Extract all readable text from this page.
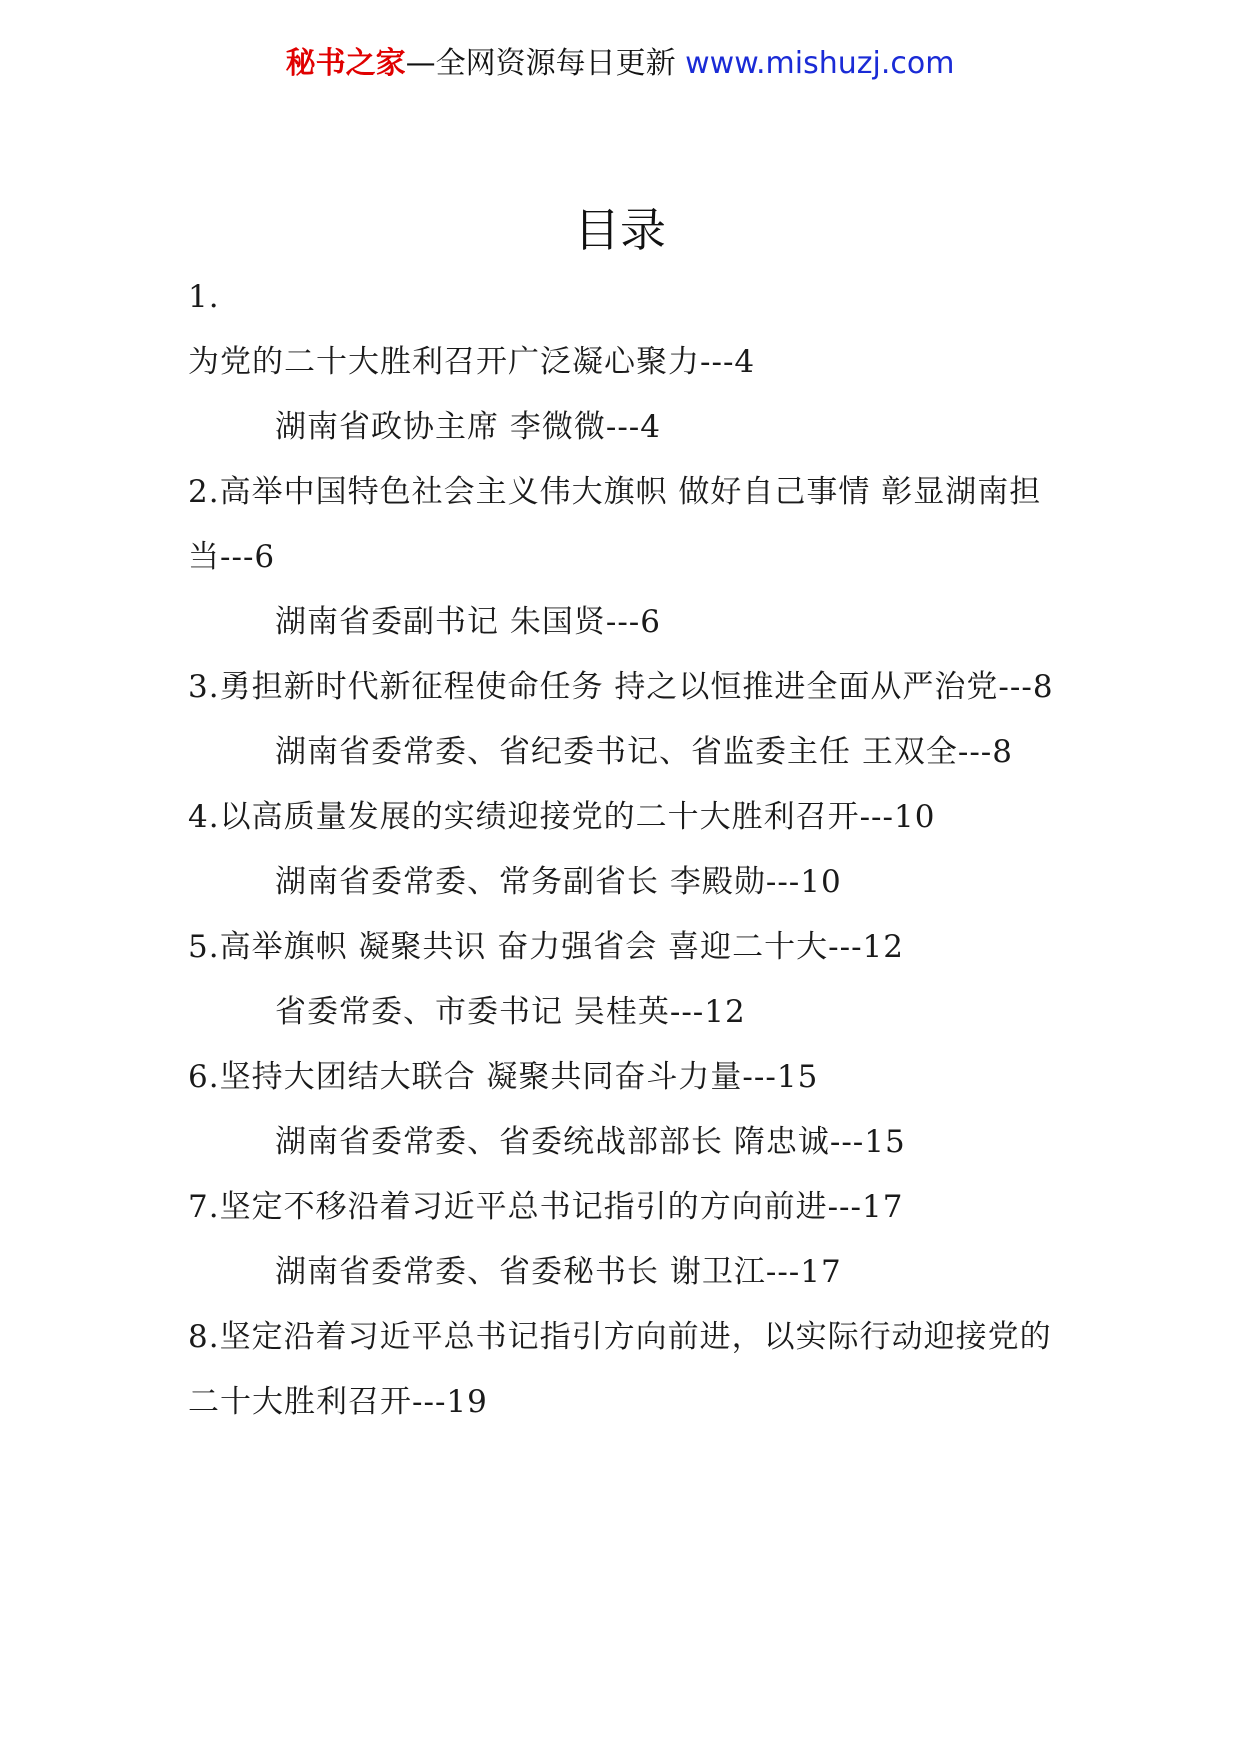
秘书之家—全网资源每日更新 www.mishuzj.com
目录

1.

为党的二十大胜利召开广泛凝心聚力---4

湖南省政协主席 李微微---4

2.高举中国特色社会主义伟大旗帜 做好自己事情 彰显湖南担当---6

湖南省委副书记 朱国贤---6

3.勇担新时代新征程使命任务 持之以恒推进全面从严治党---8

湖南省委常委、省纪委书记、省监委主任 王双全---8

4.以高质量发展的实绩迎接党的二十大胜利召开---10

湖南省委常委、常务副省长 李殿勋---10

5.高举旗帜 凝聚共识 奋力强省会 喜迎二十大---12

省委常委、市委书记 吴桂英---12

6.坚持大团结大联合 凝聚共同奋斗力量---15

湖南省委常委、省委统战部部长 隋忠诚---15

7.坚定不移沿着习近平总书记指引的方向前进---17

湖南省委常委、省委秘书长 谢卫江---17

8.坚定沿着习近平总书记指引方向前进，以实际行动迎接党的二十大胜利召开---19
